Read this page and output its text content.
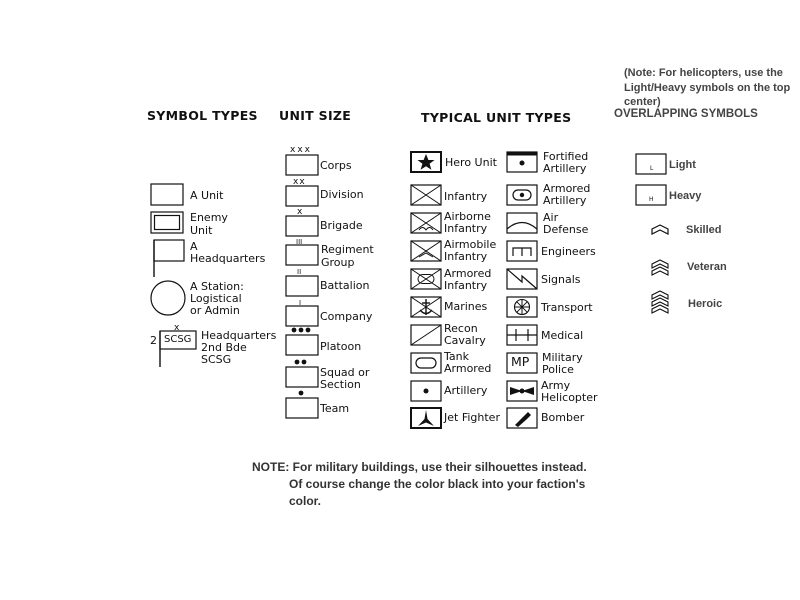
(Note: For helicopters, use the Light/Heavy symbols on the top center)
SYMBOL TYPES UNIT SIZE	TYPICAL UNIT TYPES	OVERLAPPING SYMBOLS
A Unit
Enemy
Unit
A
Headquarters
A Station:
Logistical
or Admin
2
x
SCSG Headquarters
2nd Bde
SCSG
xxx
Corps
xx
Division
x
Brigade
III
Regiment
Group
II
Battalion
I
Company
Platoon
Squad or
Section
Team
Hero Unit
Infantry
Airborne
Infantry
Airmobile
Infantry
Armored
Infantry
Marines
Recon
Cavalry
Tank
Armored
Artillery
Jet Fighter
Fortified
Artillery
Armored
Artillery
Air
Defense
Engineers
Signals
Transport
Medical
MP Military
Police
Army
Helicopter
Bomber
L Light
H Heavy
Skilled
Veteran
Heroic
NOTE: For military buildings, use their silhouettes instead.
Of course change the color black into your faction's
color.
